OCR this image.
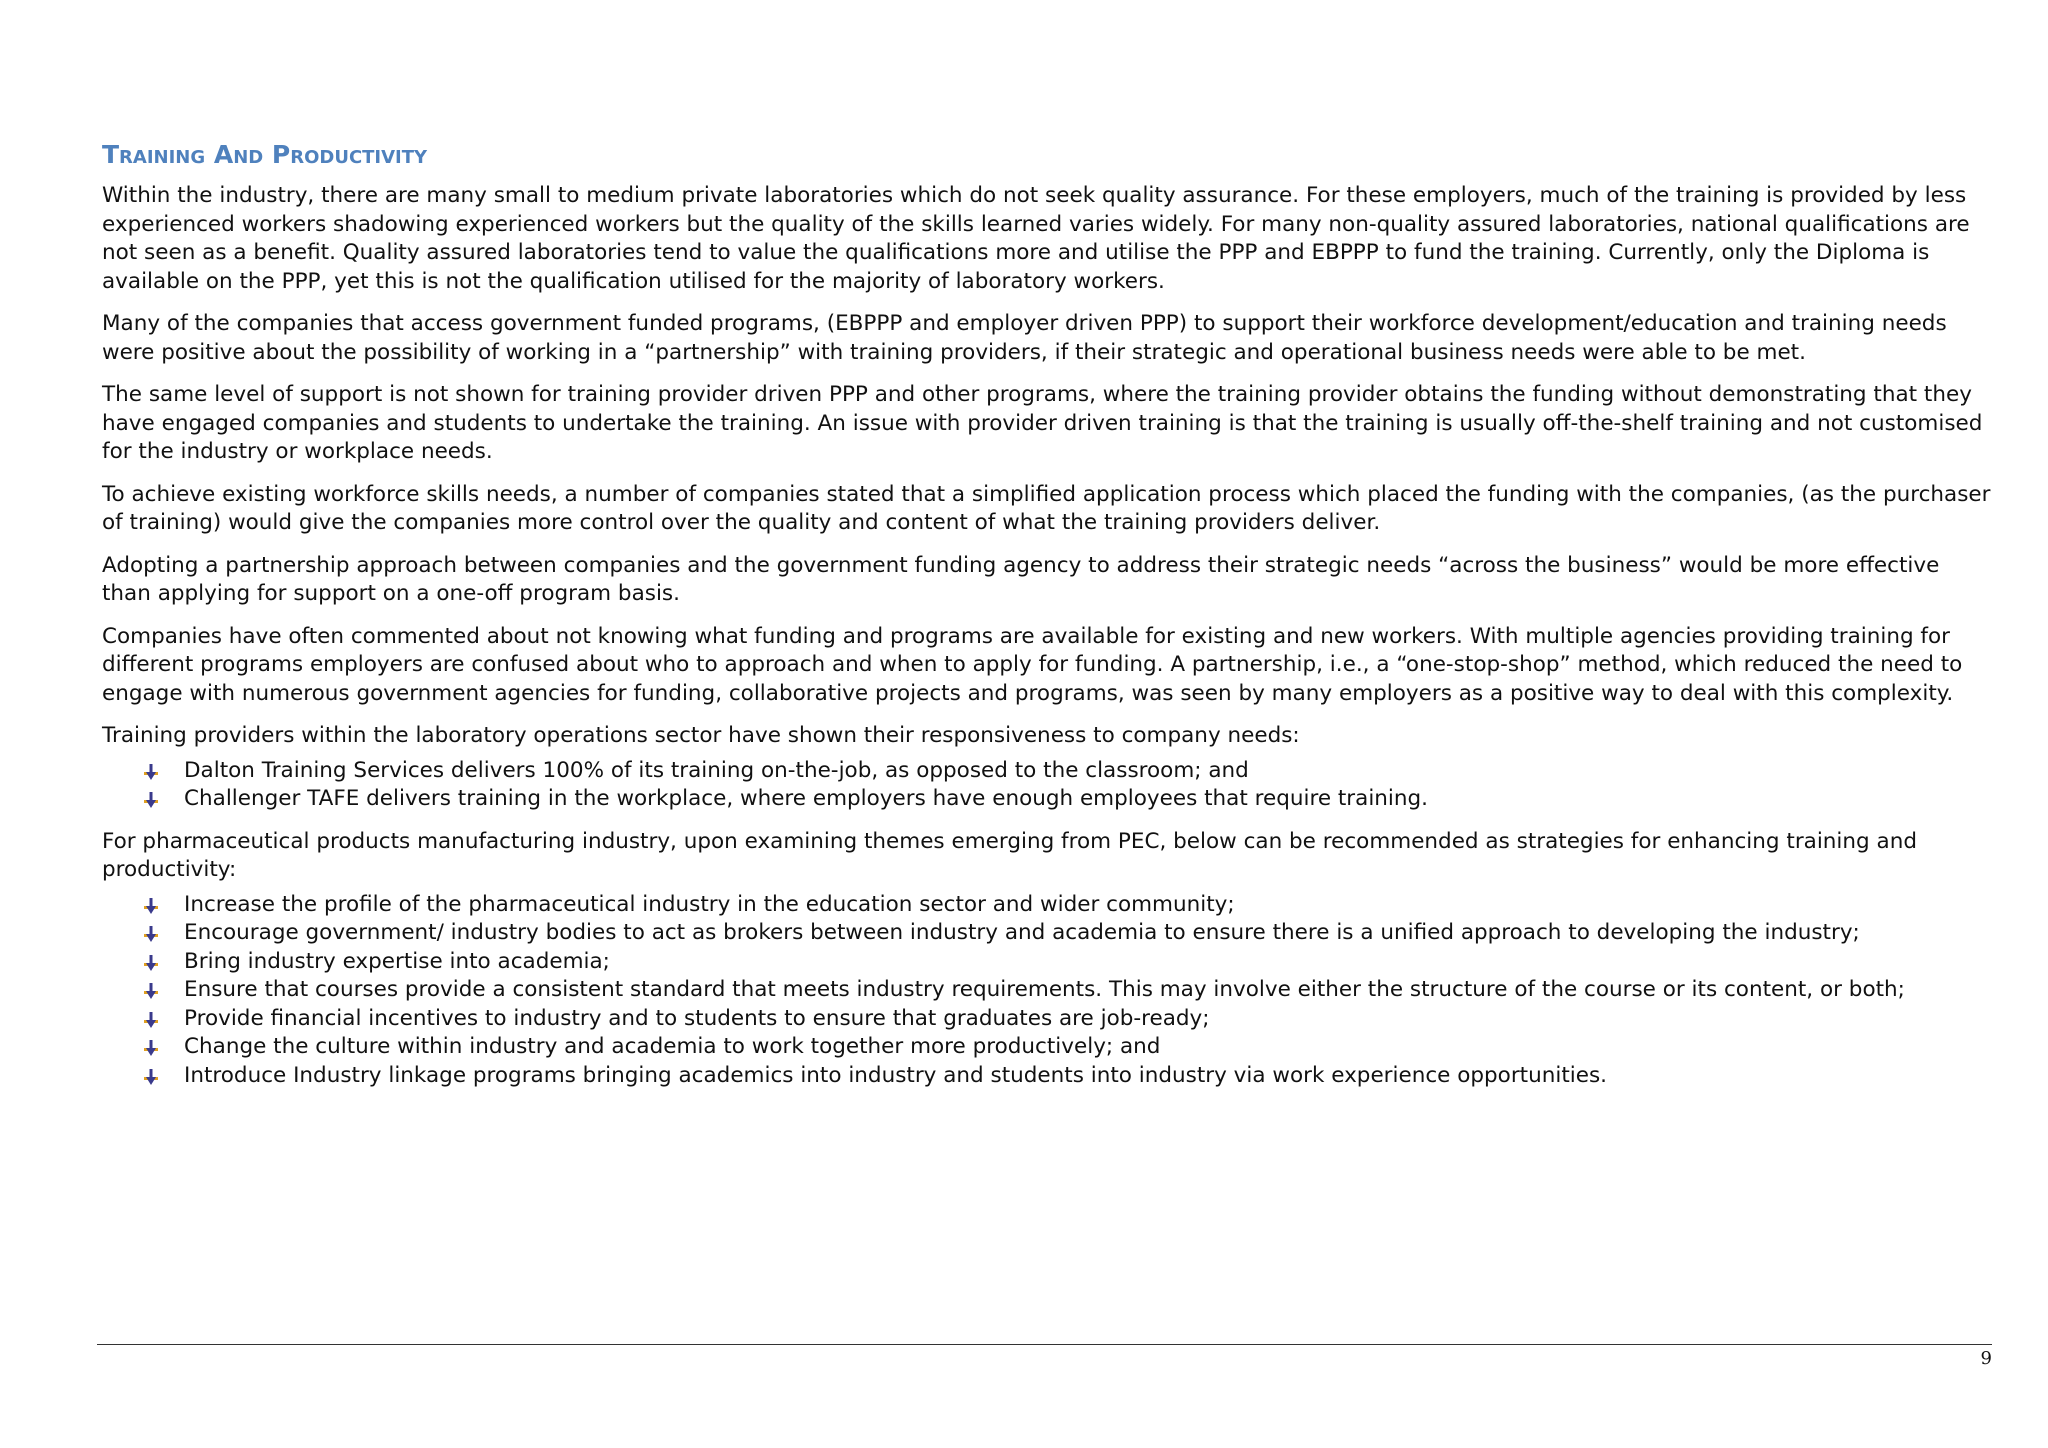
Training And Productivity

Within the industry, there are many small to medium private laboratories which do not seek quality assurance. For these employers, much of the training is provided by less experienced workers shadowing experienced workers but the quality of the skills learned varies widely. For many non-quality assured laboratories, national qualifications are not seen as a benefit. Quality assured laboratories tend to value the qualifications more and utilise the PPP and EBPPP to fund the training. Currently, only the Diploma is available on the PPP, yet this is not the qualification utilised for the majority of laboratory workers.

Many of the companies that access government funded programs, (EBPPP and employer driven PPP) to support their workforce development/education and training needs were positive about the possibility of working in a “partnership” with training providers, if their strategic and operational business needs were able to be met.

The same level of support is not shown for training provider driven PPP and other programs, where the training provider obtains the funding without demonstrating that they have engaged companies and students to undertake the training. An issue with provider driven training is that the training is usually off-the-shelf training and not customised for the industry or workplace needs.

To achieve existing workforce skills needs, a number of companies stated that a simplified application process which placed the funding with the companies, (as the purchaser of training) would give the companies more control over the quality and content of what the training providers deliver.

Adopting a partnership approach between companies and the government funding agency to address their strategic needs “across the business” would be more effective than applying for support on a one-off program basis.

Companies have often commented about not knowing what funding and programs are available for existing and new workers. With multiple agencies providing training for different programs employers are confused about who to approach and when to apply for funding. A partnership, i.e., a “one-stop-shop” method, which reduced the need to engage with numerous government agencies for funding, collaborative projects and programs, was seen by many employers as a positive way to deal with this complexity.

Training providers within the laboratory operations sector have shown their responsiveness to company needs:

Dalton Training Services delivers 100% of its training on-the-job, as opposed to the classroom; and
Challenger TAFE delivers training in the workplace, where employers have enough employees that require training.

For pharmaceutical products manufacturing industry, upon examining themes emerging from PEC, below can be recommended as strategies for enhancing training and productivity:

Increase the profile of the pharmaceutical industry in the education sector and wider community;
Encourage government/ industry bodies to act as brokers between industry and academia to ensure there is a unified approach to developing the industry;
Bring industry expertise into academia;
Ensure that courses provide a consistent standard that meets industry requirements. This may involve either the structure of the course or its content, or both;
Provide financial incentives to industry and to students to ensure that graduates are job-ready;
Change the culture within industry and academia to work together more productively; and
Introduce Industry linkage programs bringing academics into industry and students into industry via work experience opportunities.
9
